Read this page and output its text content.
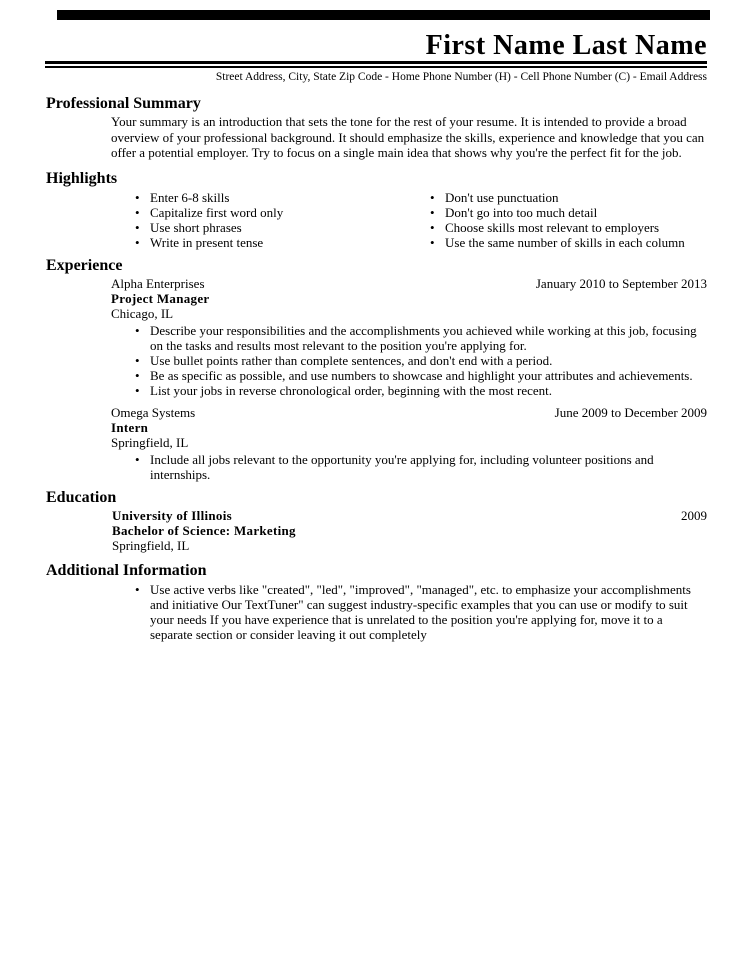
First Name Last Name
Street Address, City, State Zip Code - Home Phone Number (H) - Cell Phone Number (C) - Email Address
Professional Summary
Your summary is an introduction that sets the tone for the rest of your resume. It is intended to provide a broad overview of your professional background. It should emphasize the skills, experience and knowledge that you can offer a potential employer. Try to focus on a single main idea that shows why you're the perfect fit for the job.
Highlights
• Enter 6-8 skills
• Capitalize first word only
• Use short phrases
• Write in present tense
• Don't use punctuation
• Don't go into too much detail
• Choose skills most relevant to employers
• Use the same number of skills in each column
Experience
Alpha Enterprises	January 2010 to September 2013
Project Manager
Chicago, IL
• Describe your responsibilities and the accomplishments you achieved while working at this job, focusing on the tasks and results most relevant to the position you're applying for.
• Use bullet points rather than complete sentences, and don't end with a period.
• Be as specific as possible, and use numbers to showcase and highlight your attributes and achievements.
• List your jobs in reverse chronological order, beginning with the most recent.
Omega Systems	June 2009 to December 2009
Intern
Springfield, IL
• Include all jobs relevant to the opportunity you're applying for, including volunteer positions and internships.
Education
University of Illinois	2009
Bachelor of Science: Marketing
Springfield, IL
Additional Information
• Use active verbs like "created", "led", "improved", "managed", etc. to emphasize your accomplishments and initiative Our TextTuner" can suggest industry-specific examples that you can use or modify to suit your needs If you have experience that is unrelated to the position you're applying for, move it to a separate section or consider leaving it out completely
